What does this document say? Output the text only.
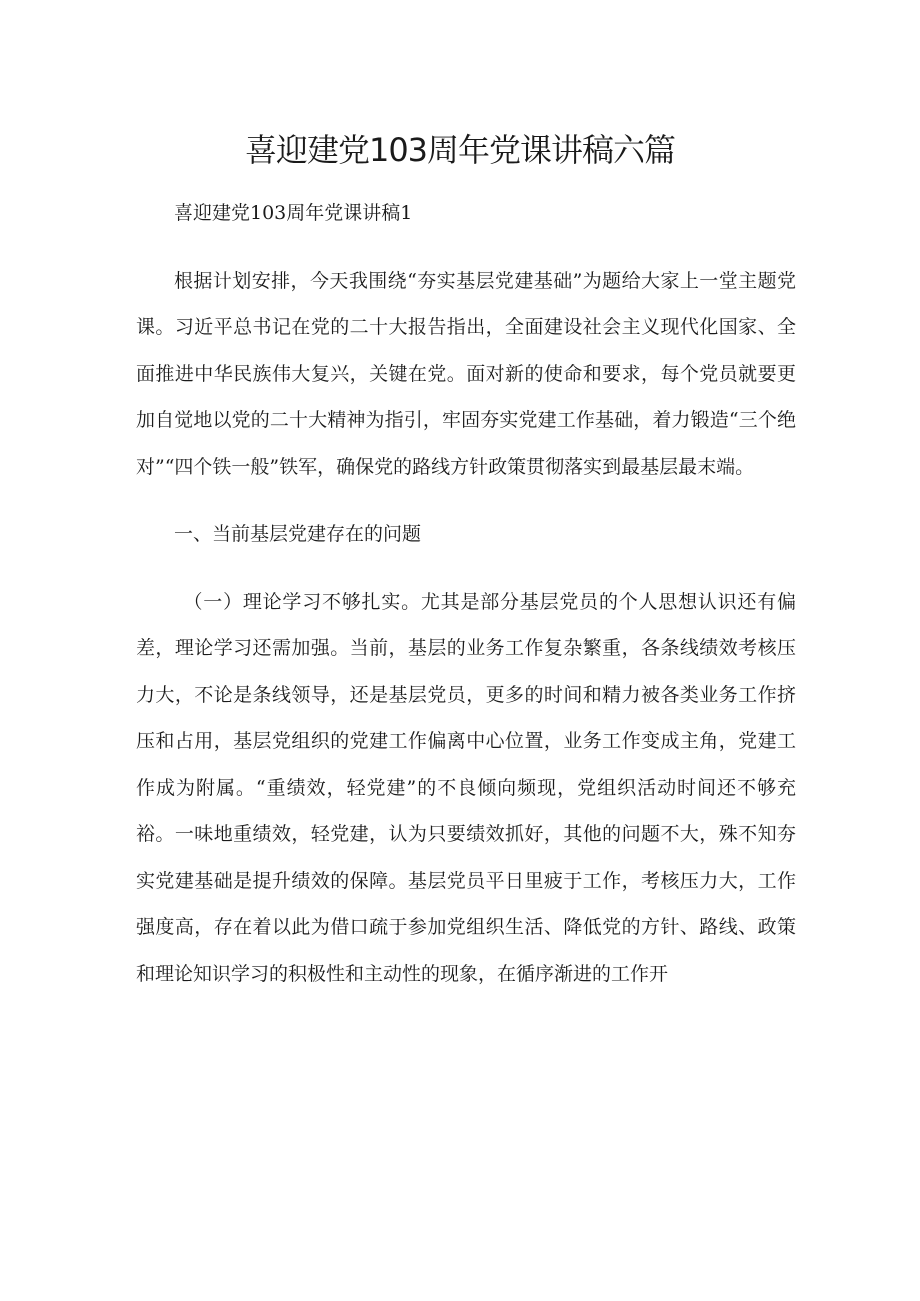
喜迎建党103周年党课讲稿六篇

喜迎建党103周年党课讲稿1

根据计划安排，今天我围绕“夯实基层党建基础”为题给大家上一堂主题党课。习近平总书记在党的二十大报告指出，全面建设社会主义现代化国家、全面推进中华民族伟大复兴，关键在党。面对新的使命和要求，每个党员就要更加自觉地以党的二十大精神为指引，牢固夯实党建工作基础，着力锻造“三个绝对”“四个铁一般”铁军，确保党的路线方针政策贯彻落实到最基层最末端。

一、当前基层党建存在的问题

（一）理论学习不够扎实。尤其是部分基层党员的个人思想认识还有偏差，理论学习还需加强。当前，基层的业务工作复杂繁重，各条线绩效考核压力大，不论是条线领导，还是基层党员，更多的时间和精力被各类业务工作挤压和占用，基层党组织的党建工作偏离中心位置，业务工作变成主角，党建工作成为附属。“重绩效，轻党建”的不良倾向频现，党组织活动时间还不够充裕。一味地重绩效，轻党建，认为只要绩效抓好，其他的问题不大，殊不知夯实党建基础是提升绩效的保障。基层党员平日里疲于工作，考核压力大，工作强度高，存在着以此为借口疏于参加党组织生活、降低党的方针、路线、政策和理论知识学习的积极性和主动性的现象，在循序渐进的工作开
